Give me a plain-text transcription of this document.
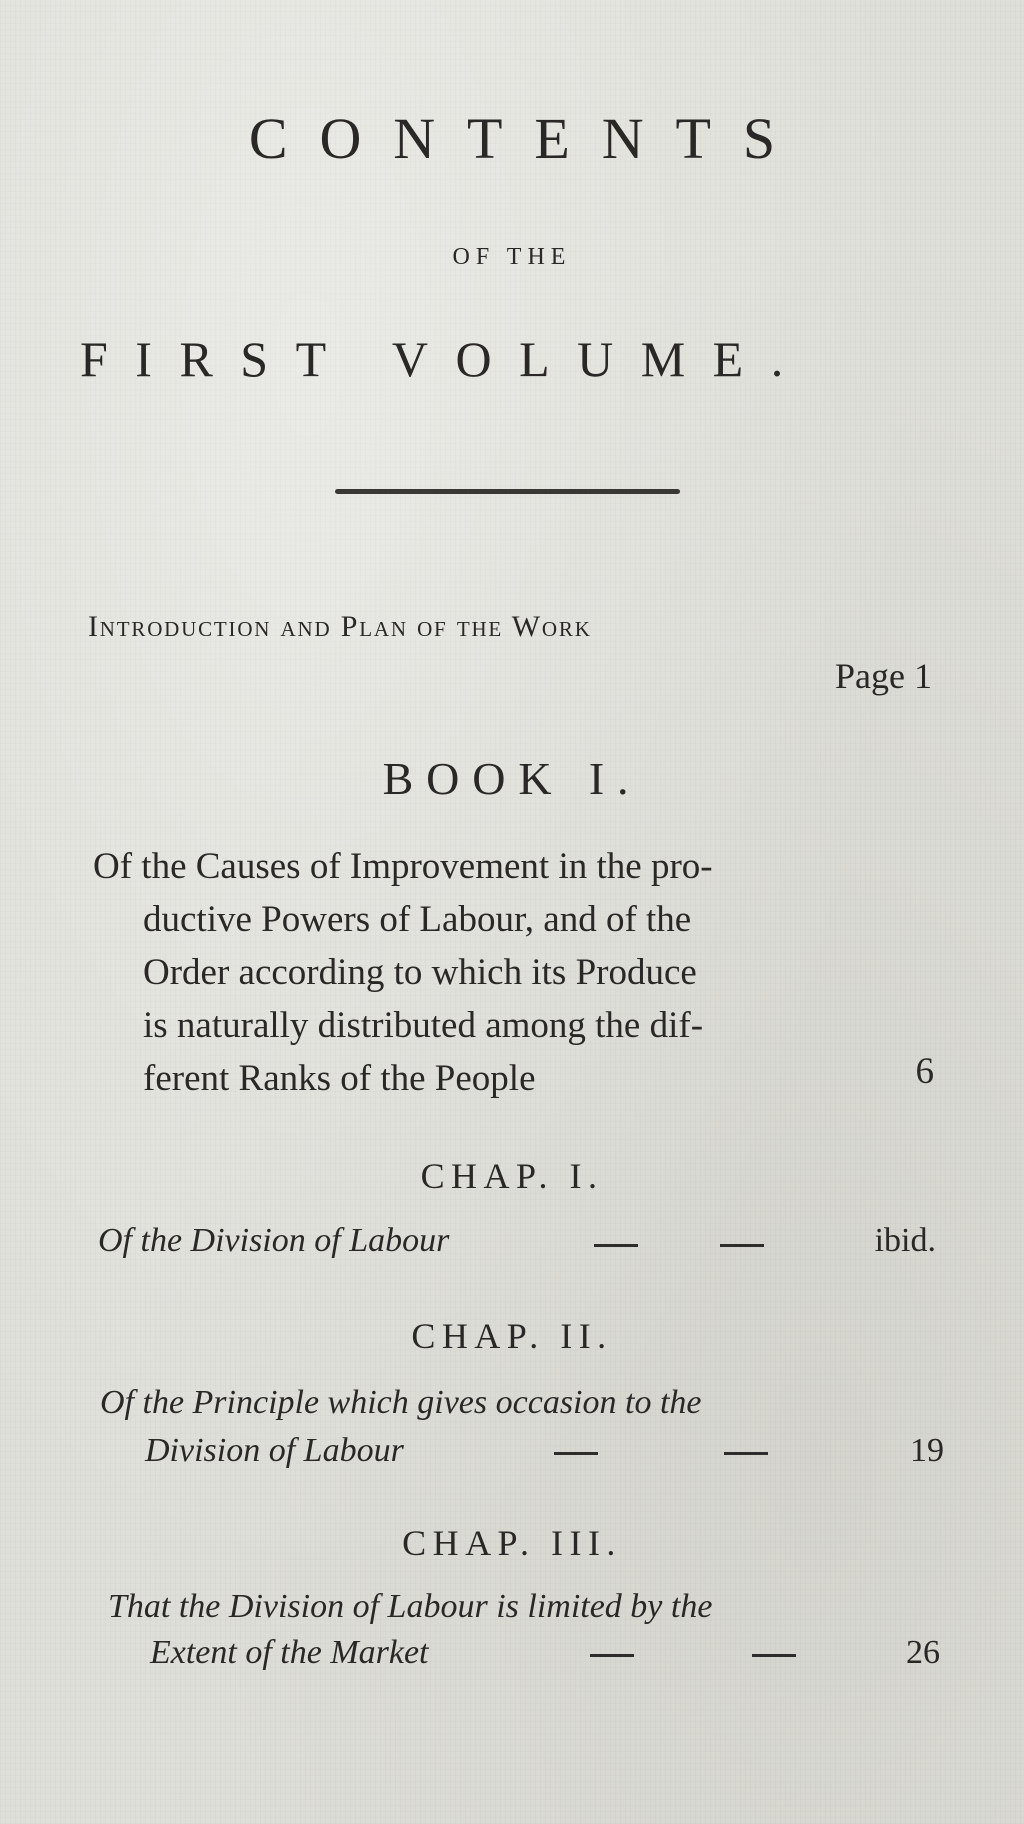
CONTENTS
OF THE
FIRST VOLUME.
Introduction and Plan of the Work
Page 1
BOOK I.
Of the Causes of Improvement in the pro-
ductive Powers of Labour, and of the
Order according to which its Produce
is naturally distributed among the dif-
ferent Ranks of the People	6
CHAP. I.
Of the Division of Labour	ibid.
CHAP. II.
Of the Principle which gives occasion to the
Division of Labour	19
CHAP. III.
That the Division of Labour is limited by the
Extent of the Market	26
